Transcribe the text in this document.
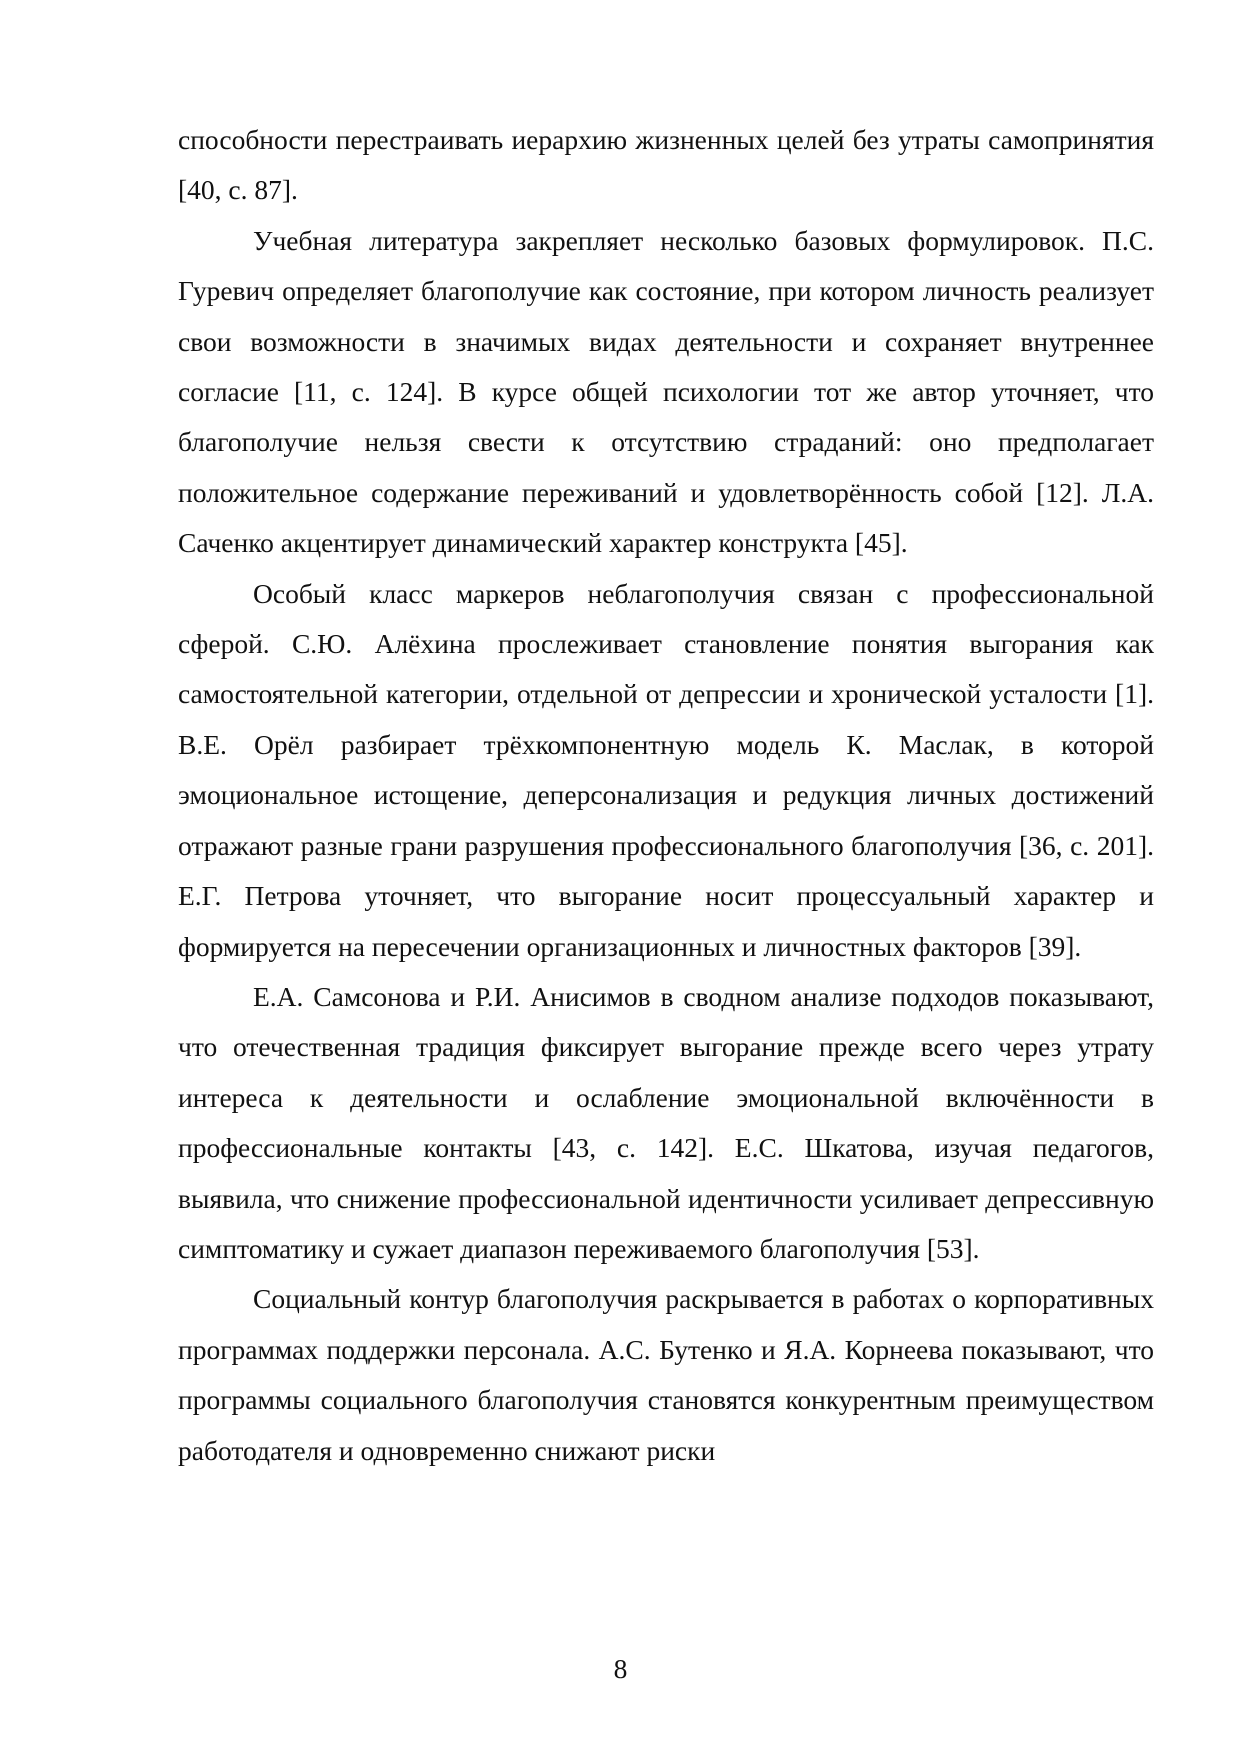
способности перестраивать иерархию жизненных целей без утраты самопринятия [40, с. 87].

Учебная литература закрепляет несколько базовых формулировок. П.С. Гуревич определяет благополучие как состояние, при котором личность реализует свои возможности в значимых видах деятельности и сохраняет внутреннее согласие [11, с. 124]. В курсе общей психологии тот же автор уточняет, что благополучие нельзя свести к отсутствию страданий: оно предполагает положительное содержание переживаний и удовлетворённость собой [12]. Л.А. Саченко акцентирует динамический характер конструкта [45].

Особый класс маркеров неблагополучия связан с профессиональной сферой. С.Ю. Алёхина прослеживает становление понятия выгорания как самостоятельной категории, отдельной от депрессии и хронической усталости [1]. В.Е. Орёл разбирает трёхкомпонентную модель К. Маслак, в которой эмоциональное истощение, деперсонализация и редукция личных достижений отражают разные грани разрушения профессионального благополучия [36, с. 201]. Е.Г. Петрова уточняет, что выгорание носит процессуальный характер и формируется на пересечении организационных и личностных факторов [39].

Е.А. Самсонова и Р.И. Анисимов в сводном анализе подходов показывают, что отечественная традиция фиксирует выгорание прежде всего через утрату интереса к деятельности и ослабление эмоциональной включённости в профессиональные контакты [43, с. 142]. Е.С. Шкатова, изучая педагогов, выявила, что снижение профессиональной идентичности усиливает депрессивную симптоматику и сужает диапазон переживаемого благополучия [53].

Социальный контур благополучия раскрывается в работах о корпоративных программах поддержки персонала. А.С. Бутенко и Я.А. Корнеева показывают, что программы социального благополучия становятся конкурентным преимуществом работодателя и одновременно снижают риски

8
